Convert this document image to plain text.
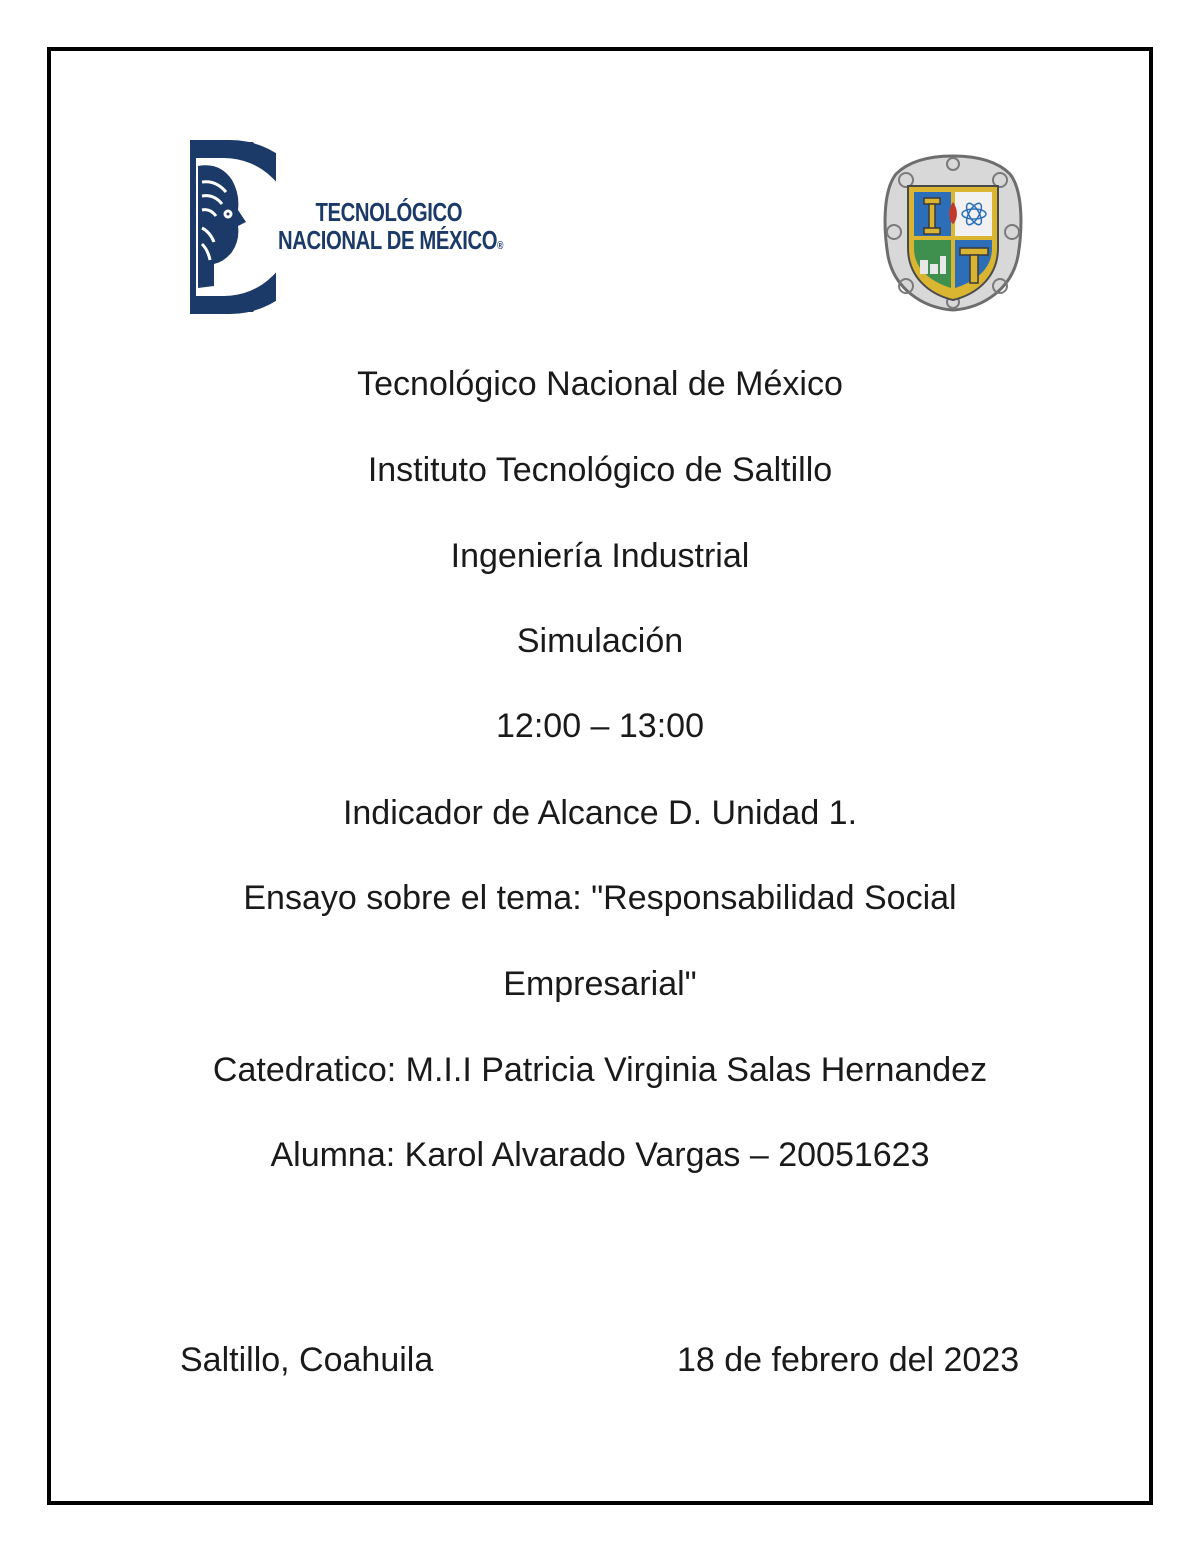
TECNOLÓGICO
NACIONAL DE MÉXICO®
Tecnológico Nacional de México
Instituto Tecnológico de Saltillo
Ingeniería Industrial
Simulación
12:00 – 13:00
Indicador de Alcance D. Unidad 1.
Ensayo sobre el tema: "Responsabilidad Social
Empresarial"
Catedratico: M.I.I Patricia Virginia Salas Hernandez
Alumna: Karol Alvarado Vargas – 20051623
Saltillo, Coahuila	18 de febrero del 2023
